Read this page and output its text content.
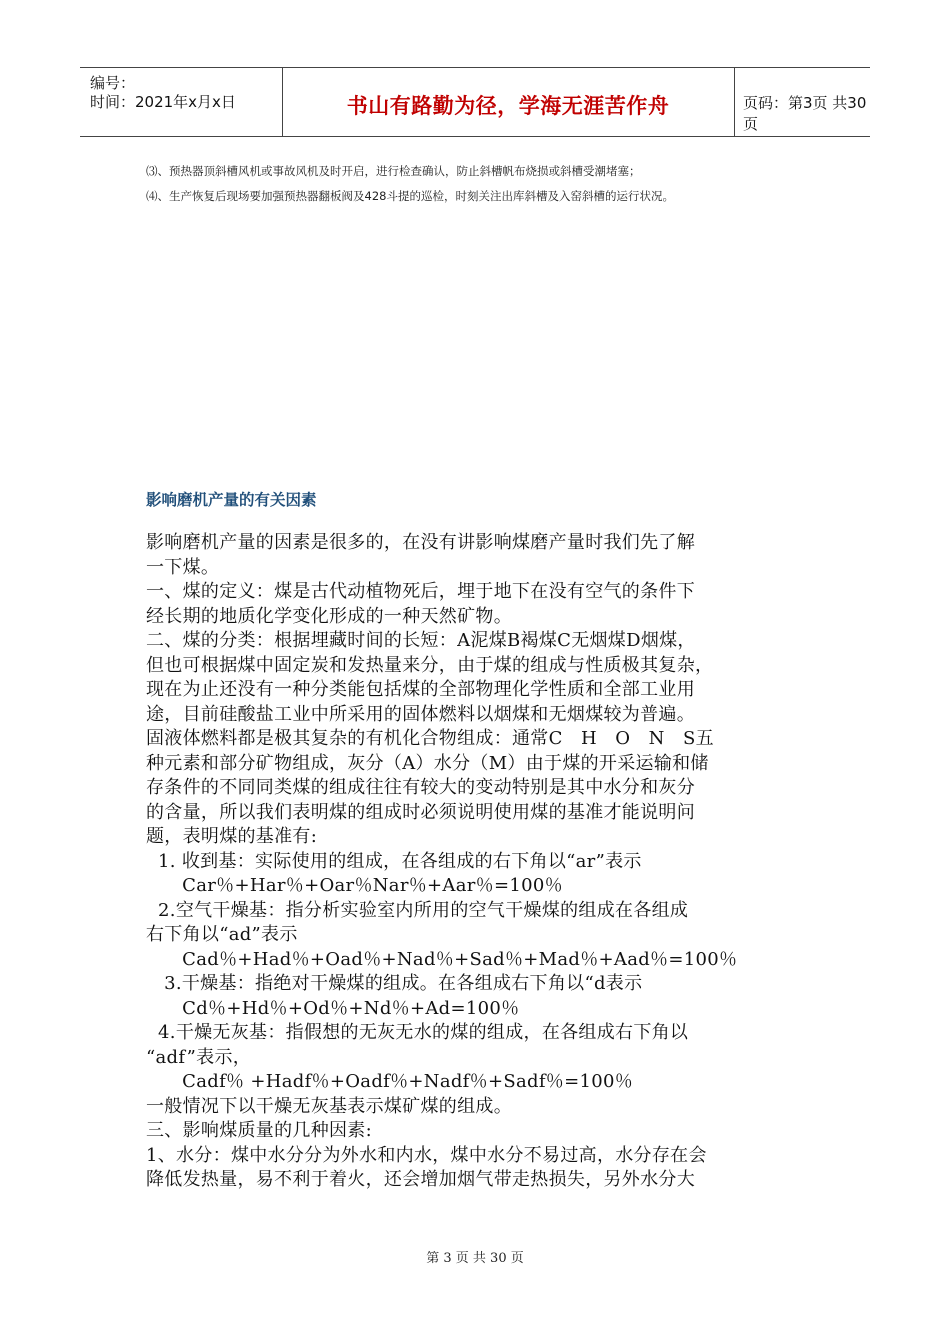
编号：
时间：2021年x月x日	书山有路勤为径，学海无涯苦作舟	页码：第3页 共30页
⑶、预热器顶斜槽风机或事故风机及时开启，进行检查确认，防止斜槽帆布烧损或斜槽受潮堵塞；
⑷、生产恢复后现场要加强预热器翻板阀及428斗提的巡检，时刻关注出库斜槽及入窑斜槽的运行状况。
影响磨机产量的有关因素

影响磨机产量的因素是很多的，在没有讲影响煤磨产量时我们先了解

一下煤。

一、煤的定义：煤是古代动植物死后，埋于地下在没有空气的条件下

经长期的地质化学变化形成的一种天然矿物。

二、煤的分类：根据埋藏时间的长短：A泥煤B褐煤C无烟煤D烟煤，

但也可根据煤中固定炭和发热量来分，由于煤的组成与性质极其复杂，

现在为止还没有一种分类能包括煤的全部物理化学性质和全部工业用

途，目前硅酸盐工业中所采用的固体燃料以烟煤和无烟煤较为普遍。

固液体燃料都是极其复杂的有机化合物组成：通常C　H　O　N　S五

种元素和部分矿物组成，灰分（A）水分（M）由于煤的开采运输和储

存条件的不同同类煤的组成往往有较大的变动特别是其中水分和灰分

的含量，所以我们表明煤的组成时必须说明使用煤的基准才能说明问

题，表明煤的基准有:

1. 收到基：实际使用的组成，在各组成的右下角以“ar”表示

Car％+Har％+Oar％Nar％+Aar％=100％

2.空气干燥基：指分析实验室内所用的空气干燥煤的组成在各组成

右下角以“ad”表示

Cad％+Had％+Oad％+Nad％+Sad％+Mad％+Aad％=100％

3.干燥基：指绝对干燥煤的组成。在各组成右下角以“d表示

Cd％+Hd％+Od％+Nd％+Ad=100％

4.干燥无灰基：指假想的无灰无水的煤的组成，在各组成右下角以

“adf”表示，

Cadf％ +Hadf％+Oadf％+Nadf％+Sadf％=100％

一般情况下以干燥无灰基表示煤矿煤的组成。

三、影响煤质量的几种因素:

1、水分：煤中水分分为外水和内水，煤中水分不易过高，水分存在会

降低发热量，易不利于着火，还会增加烟气带走热损失，另外水分大

第 3 页 共 30 页
